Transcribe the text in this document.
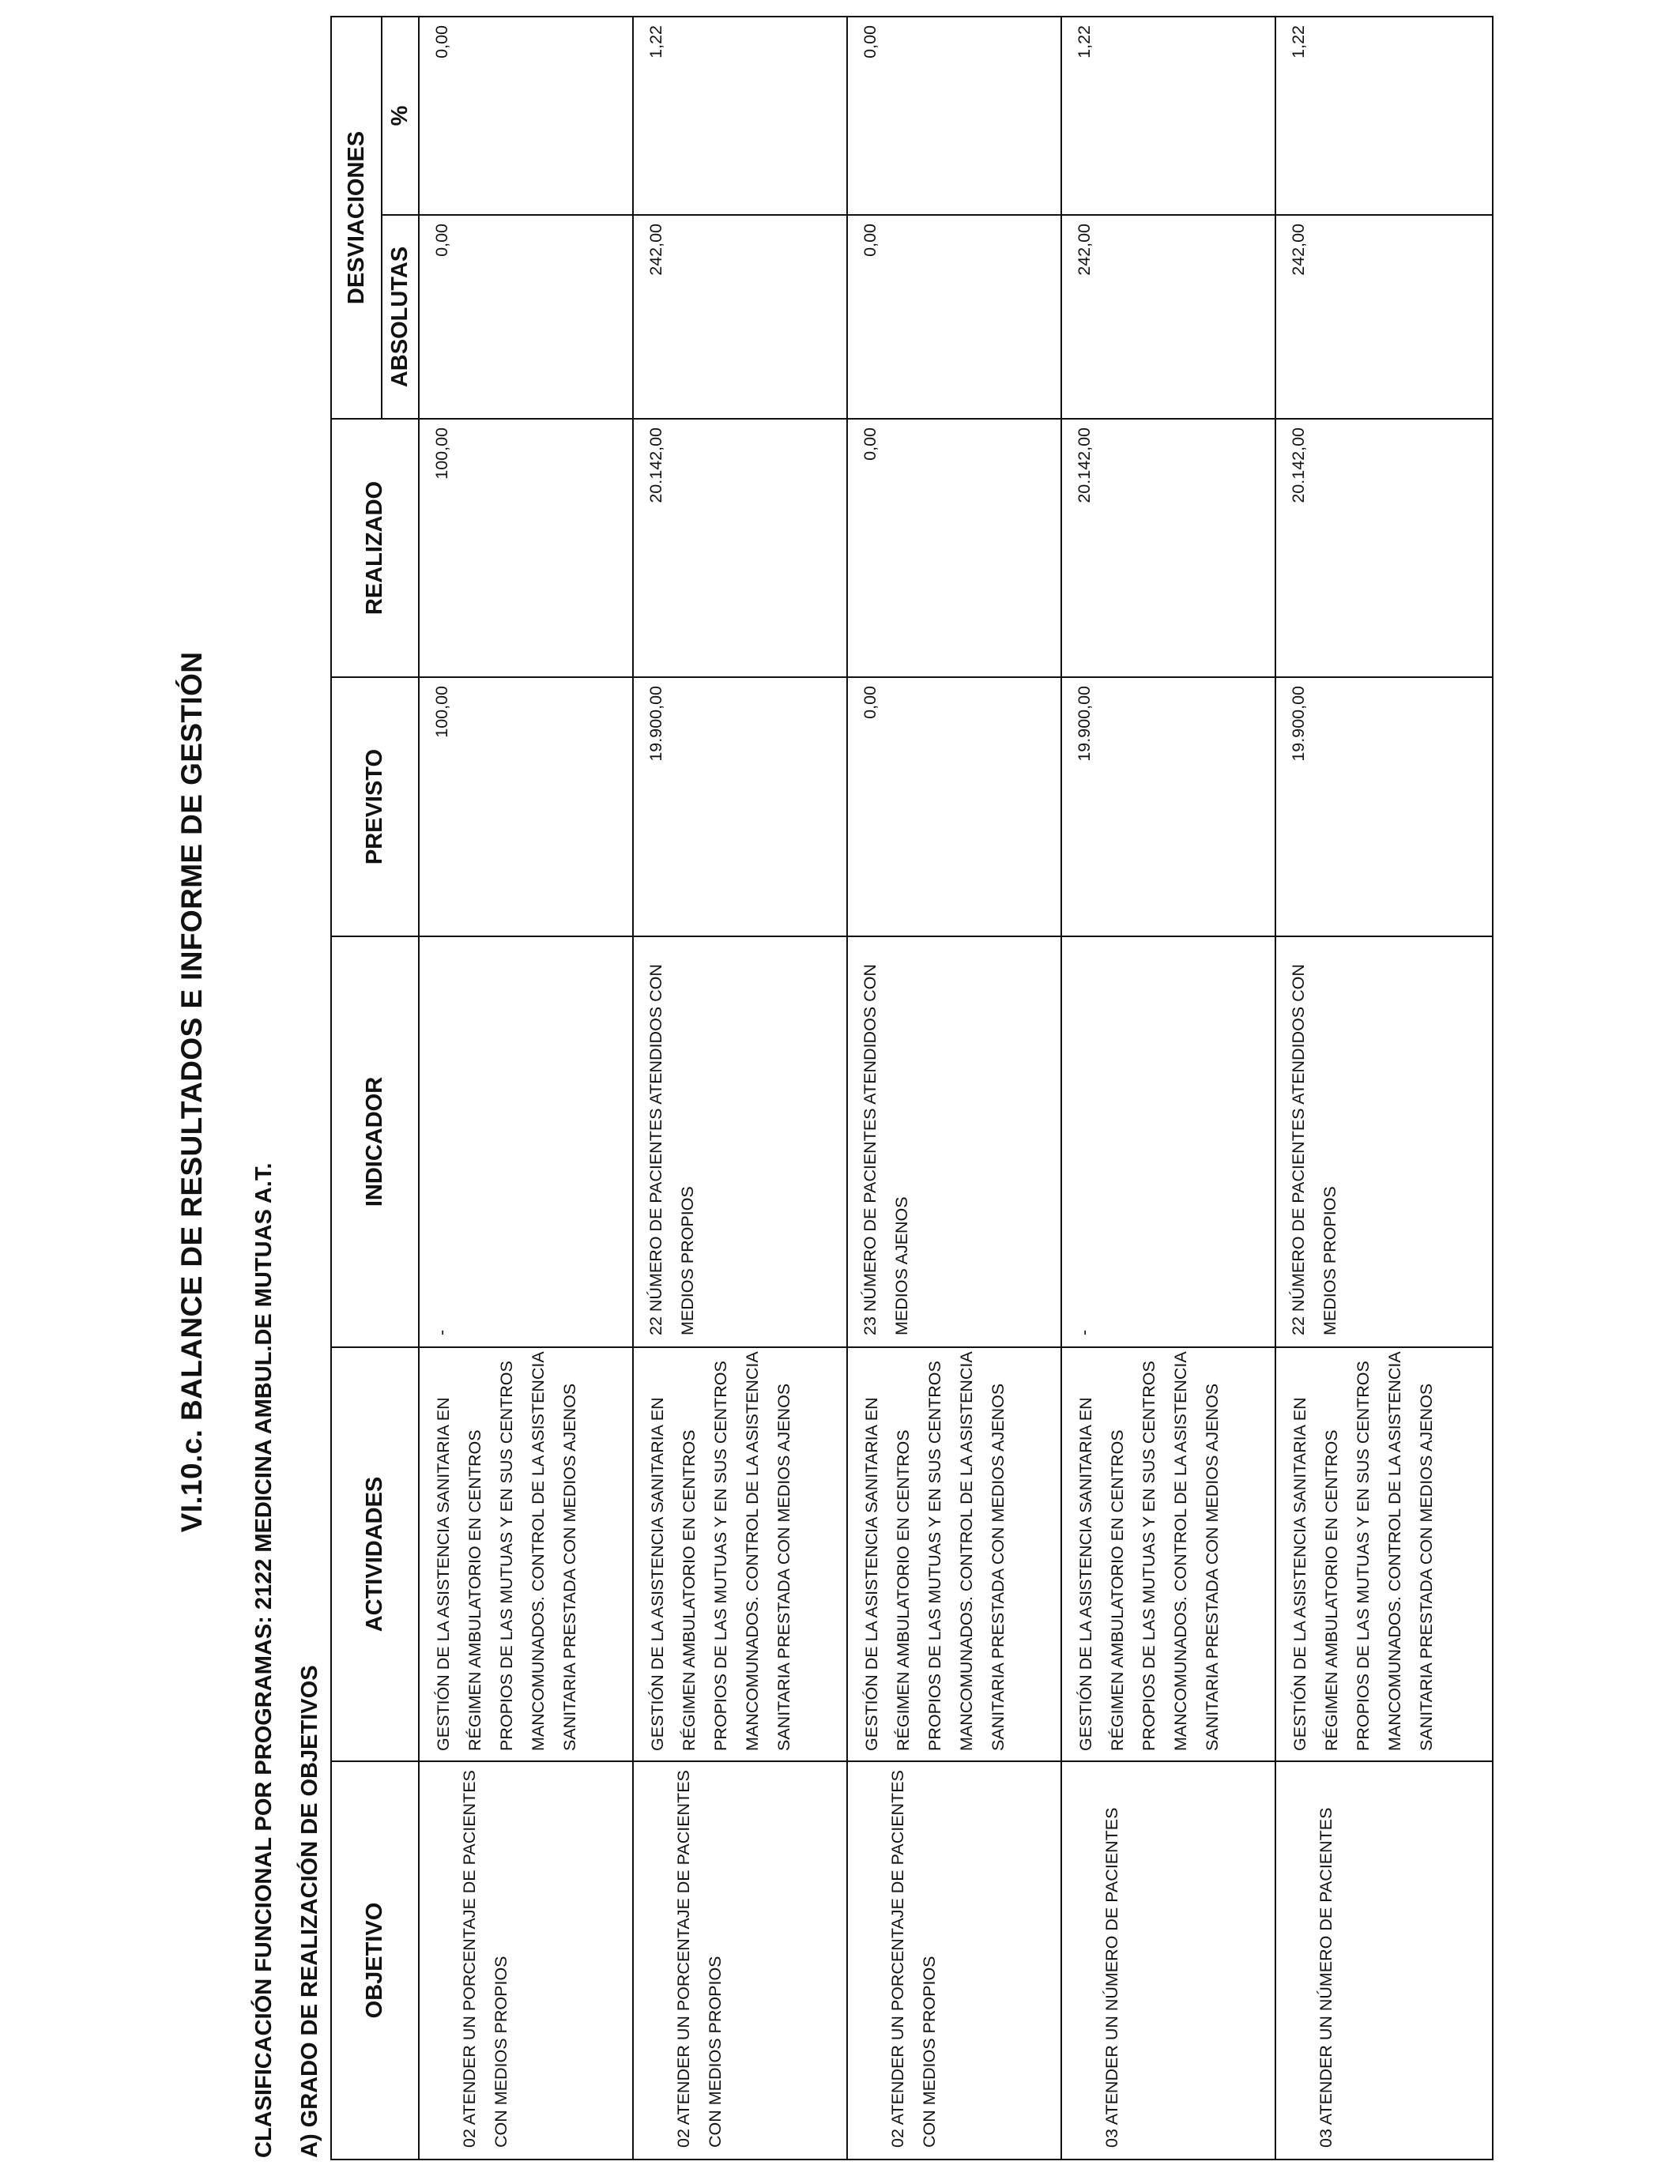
VI.10.c. BALANCE DE RESULTADOS E INFORME DE GESTIÓN
CLASIFICACIÓN FUNCIONAL POR PROGRAMAS: 2122 MEDICINA AMBUL.DE MUTUAS A.T. A) GRADO DE REALIZACIÓN DE OBJETIVOS OBJETIVO	ACTIVIDADES	INDICADOR	PREVISTO	REALIZADO	DESVIACIONES	
					ABSOLUTAS	%

02 ATENDER UN PORCENTAJE DE PACIENTES CON MEDIOS PROPIOS	GESTIÓN DE LA ASISTENCIA SANITARIA EN RÉGIMEN AMBULATORIO EN CENTROS PROPIOS DE LAS MUTUAS Y EN SUS CENTROS MANCOMUNADOS. CONTROL DE LA ASISTENCIA SANITARIA PRESTADA CON MEDIOS AJENOS	-	100,00	100,00	0,00	0,00

02 ATENDER UN PORCENTAJE DE PACIENTES CON MEDIOS PROPIOS	GESTIÓN DE LA ASISTENCIA SANITARIA EN RÉGIMEN AMBULATORIO EN CENTROS PROPIOS DE LAS MUTUAS Y EN SUS CENTROS MANCOMUNADOS. CONTROL DE LA ASISTENCIA SANITARIA PRESTADA CON MEDIOS AJENOS	22 NÚMERO DE PACIENTES ATENDIDOS CON MEDIOS PROPIOS	19.900,00	20.142,00	242,00	1,22

02 ATENDER UN PORCENTAJE DE PACIENTES CON MEDIOS PROPIOS	GESTIÓN DE LA ASISTENCIA SANITARIA EN RÉGIMEN AMBULATORIO EN CENTROS PROPIOS DE LAS MUTUAS Y EN SUS CENTROS MANCOMUNADOS. CONTROL DE LA ASISTENCIA SANITARIA PRESTADA CON MEDIOS AJENOS	23 NÚMERO DE PACIENTES ATENDIDOS CON MEDIOS AJENOS	0,00	0,00	0,00	0,00

03 ATENDER UN NÚMERO DE PACIENTES	GESTIÓN DE LA ASISTENCIA SANITARIA EN RÉGIMEN AMBULATORIO EN CENTROS PROPIOS DE LAS MUTUAS Y EN SUS CENTROS MANCOMUNADOS. CONTROL DE LA ASISTENCIA SANITARIA PRESTADA CON MEDIOS AJENOS	-	19.900,00	20.142,00	242,00	1,22

03 ATENDER UN NÚMERO DE PACIENTES	GESTIÓN DE LA ASISTENCIA SANITARIA EN RÉGIMEN AMBULATORIO EN CENTROS PROPIOS DE LAS MUTUAS Y EN SUS CENTROS MANCOMUNADOS. CONTROL DE LA ASISTENCIA SANITARIA PRESTADA CON MEDIOS AJENOS	22 NÚMERO DE PACIENTES ATENDIDOS CON MEDIOS PROPIOS	19.900,00	20.142,00	242,00	1,22
